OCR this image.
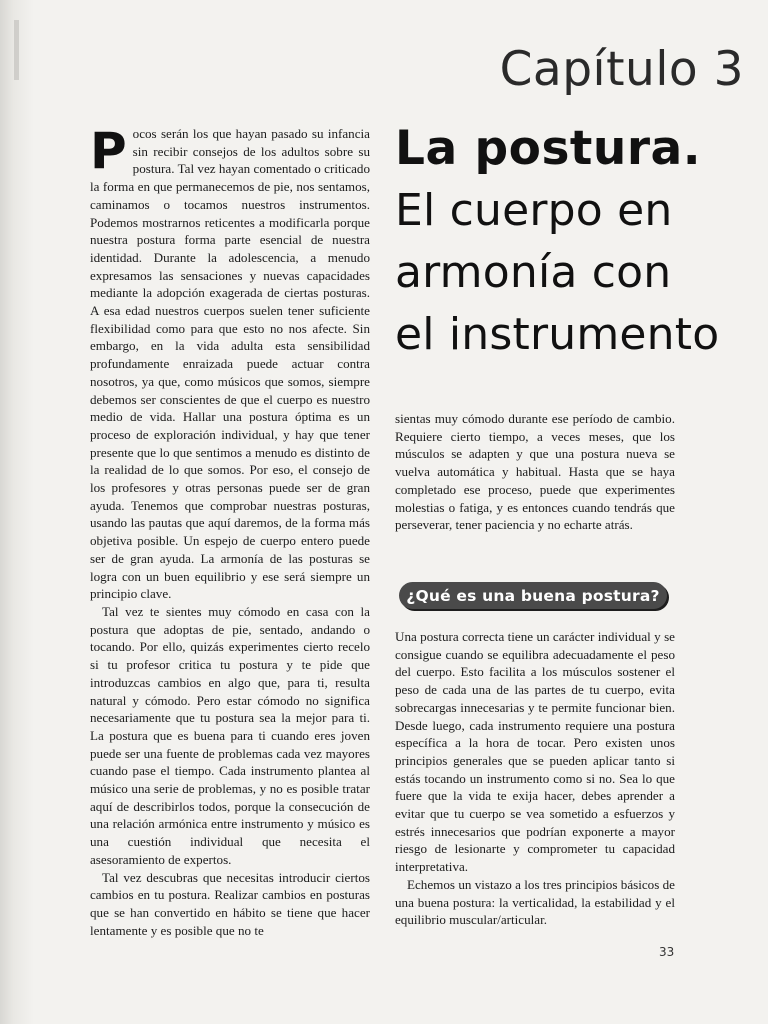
Capítulo 3
La postura.
El cuerpo en
armonía con
el instrumento

Pocos serán los que hayan pasado su infancia sin recibir consejos de los adultos sobre su postura. Tal vez hayan comentado o criticado la forma en que permanecemos de pie, nos sentamos, caminamos o tocamos nuestros instrumentos. Podemos mostrarnos reticentes a modificarla porque nuestra postura forma parte esencial de nuestra identidad. Durante la adolescencia, a menudo expresamos las sensaciones y nuevas capacidades mediante la adopción exagerada de ciertas posturas. A esa edad nuestros cuerpos suelen tener suficiente flexibilidad como para que esto no nos afecte. Sin embargo, en la vida adulta esta sensibilidad profundamente enraizada puede actuar contra nosotros, ya que, como músicos que somos, siempre debemos ser conscientes de que el cuerpo es nuestro medio de vida. Hallar una postura óptima es un proceso de exploración individual, y hay que tener presente que lo que sentimos a menudo es distinto de la realidad de lo que somos. Por eso, el consejo de los profesores y otras personas puede ser de gran ayuda. Tenemos que comprobar nuestras posturas, usando las pautas que aquí daremos, de la forma más objetiva posible. Un espejo de cuerpo entero puede ser de gran ayuda. La armonía de las posturas se logra con un buen equilibrio y ese será siempre un principio clave.

Tal vez te sientes muy cómodo en casa con la postura que adoptas de pie, sentado, andando o tocando. Por ello, quizás experimentes cierto recelo si tu profesor critica tu postura y te pide que introduzcas cambios en algo que, para ti, resulta natural y cómodo. Pero estar cómodo no significa necesariamente que tu postura sea la mejor para ti. La postura que es buena para ti cuando eres joven puede ser una fuente de problemas cada vez mayores cuando pase el tiempo. Cada instrumento plantea al músico una serie de problemas, y no es posible tratar aquí de describirlos todos, porque la consecución de una relación armónica entre instrumento y músico es una cuestión individual que necesita el asesoramiento de expertos.

Tal vez descubras que necesitas introducir ciertos cambios en tu postura. Realizar cambios en posturas que se han convertido en hábito se tiene que hacer lentamente y es posible que no te

sientas muy cómodo durante ese período de cambio. Requiere cierto tiempo, a veces meses, que los músculos se adapten y que una postura nueva se vuelva automática y habitual. Hasta que se haya completado ese proceso, puede que experimentes molestias o fatiga, y es entonces cuando tendrás que perseverar, tener paciencia y no echarte atrás.

¿Qué es una buena postura?

Una postura correcta tiene un carácter individual y se consigue cuando se equilibra adecuadamente el peso del cuerpo. Esto facilita a los músculos sostener el peso de cada una de las partes de tu cuerpo, evita sobrecargas innecesarias y te permite funcionar bien. Desde luego, cada instrumento requiere una postura específica a la hora de tocar. Pero existen unos principios generales que se pueden aplicar tanto si estás tocando un instrumento como si no. Sea lo que fuere que la vida te exija hacer, debes aprender a evitar que tu cuerpo se vea sometido a esfuerzos y estrés innecesarios que podrían exponerte a mayor riesgo de lesionarte y comprometer tu capacidad interpretativa.

Echemos un vistazo a los tres principios básicos de una buena postura: la verticalidad, la estabilidad y el equilibrio muscular/articular.

33
